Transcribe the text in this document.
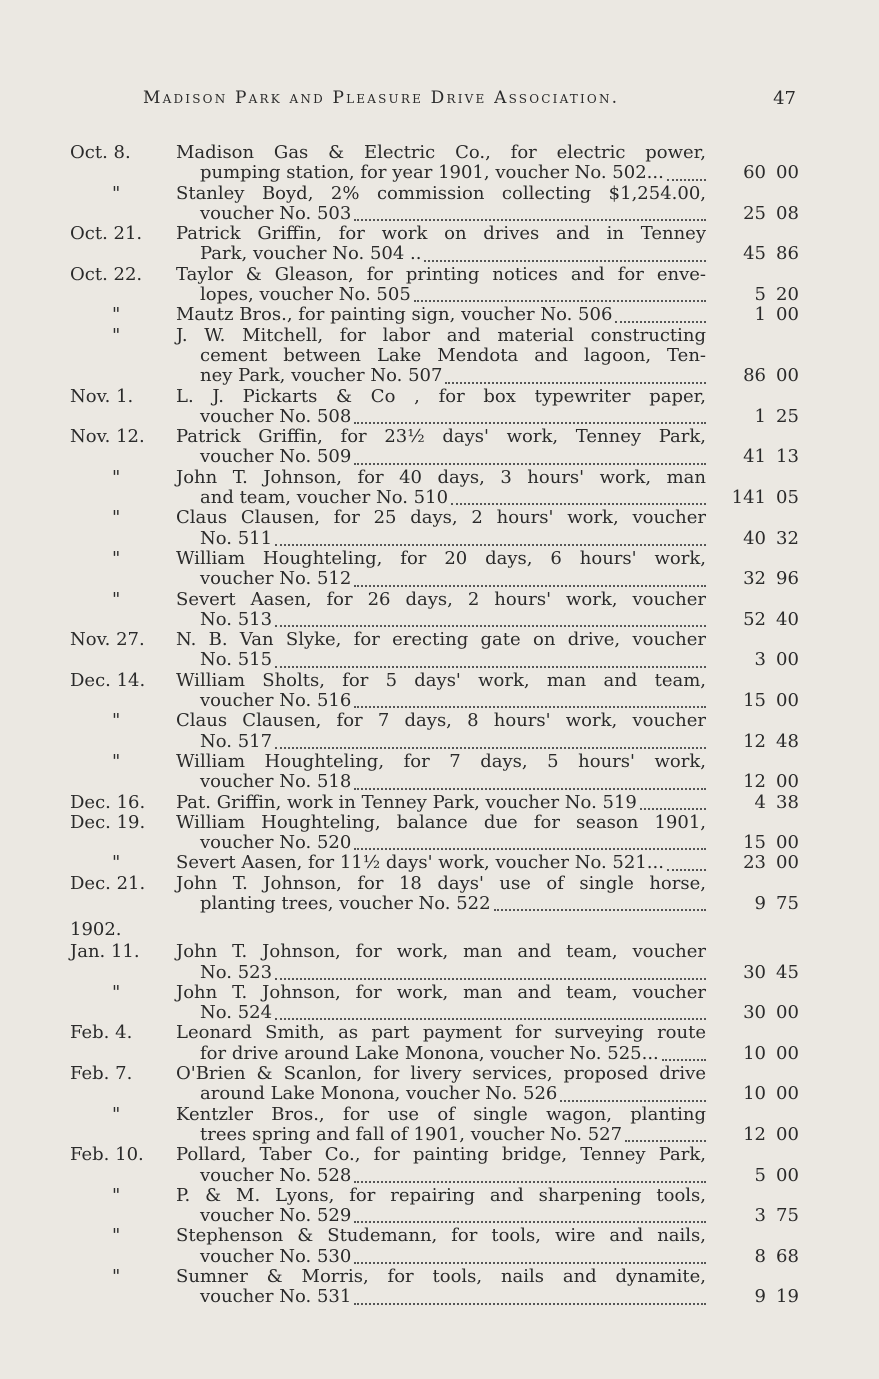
Madison Park and Pleasure Drive Association.	47
Oct. 8.	Madison Gas & Electric Co., for electric power,
pumping station, for year 1901, voucher No. 502...	60 00
"	Stanley Boyd, 2% commission collecting $1,254.00,
voucher No. 503	25 08
Oct. 21. Patrick Griffin, for work on drives and in Tenney
Park, voucher No. 504 ..	45 86
Oct. 22. Taylor & Gleason, for printing notices and for enve-
lopes, voucher No. 505	5 20
"	Mautz Bros., for painting sign, voucher No. 506	1 00
"	J. W. Mitchell, for labor and material constructing
cement between Lake Mendota and lagoon, Ten-
ney Park, voucher No. 507	86 00
Nov. 1. L. J. Pickarts & Co , for box typewriter paper,
voucher No. 508	1 25
Nov. 12. Patrick Griffin, for 23½ days' work, Tenney Park,
voucher No. 509	41 13
"	John T. Johnson, for 40 days, 3 hours' work, man
and team, voucher No. 510	141 05
"	Claus Clausen, for 25 days, 2 hours' work, voucher
No. 511	40 32
"	William Houghteling, for 20 days, 6 hours' work,
voucher No. 512	32 96
"	Severt Aasen, for 26 days, 2 hours' work, voucher
No. 513	52 40
Nov. 27. N. B. Van Slyke, for erecting gate on drive, voucher
No. 515	3 00
Dec. 14. William Sholts, for 5 days' work, man and team,
voucher No. 516	15 00
"	Claus Clausen, for 7 days, 8 hours' work, voucher
No. 517	12 48
"	William Houghteling, for 7 days, 5 hours' work,
voucher No. 518	12 00
Dec. 16. Pat. Griffin, work in Tenney Park, voucher No. 519	4 38
Dec. 19. William Houghteling, balance due for season 1901,
voucher No. 520	15 00
"	Severt Aasen, for 11½ days' work, voucher No. 521...	23 00
Dec. 21. John T. Johnson, for 18 days' use of single horse,
planting trees, voucher No. 522	9 75
1902.
Jan. 11. John T. Johnson, for work, man and team, voucher
No. 523	30 45
"	John T. Johnson, for work, man and team, voucher
No. 524	30 00
Feb. 4. Leonard Smith, as part payment for surveying route
for drive around Lake Monona, voucher No. 525...	10 00
Feb. 7. O'Brien & Scanlon, for livery services, proposed drive
around Lake Monona, voucher No. 526	10 00
"	Kentzler Bros., for use of single wagon, planting
trees spring and fall of 1901, voucher No. 527	12 00
Feb. 10. Pollard, Taber Co., for painting bridge, Tenney Park,
voucher No. 528	5 00
"	P. & M. Lyons, for repairing and sharpening tools,
voucher No. 529	3 75
"	Stephenson & Studemann, for tools, wire and nails,
voucher No. 530	8 68
"	Sumner & Morris, for tools, nails and dynamite,
voucher No. 531	9 19
